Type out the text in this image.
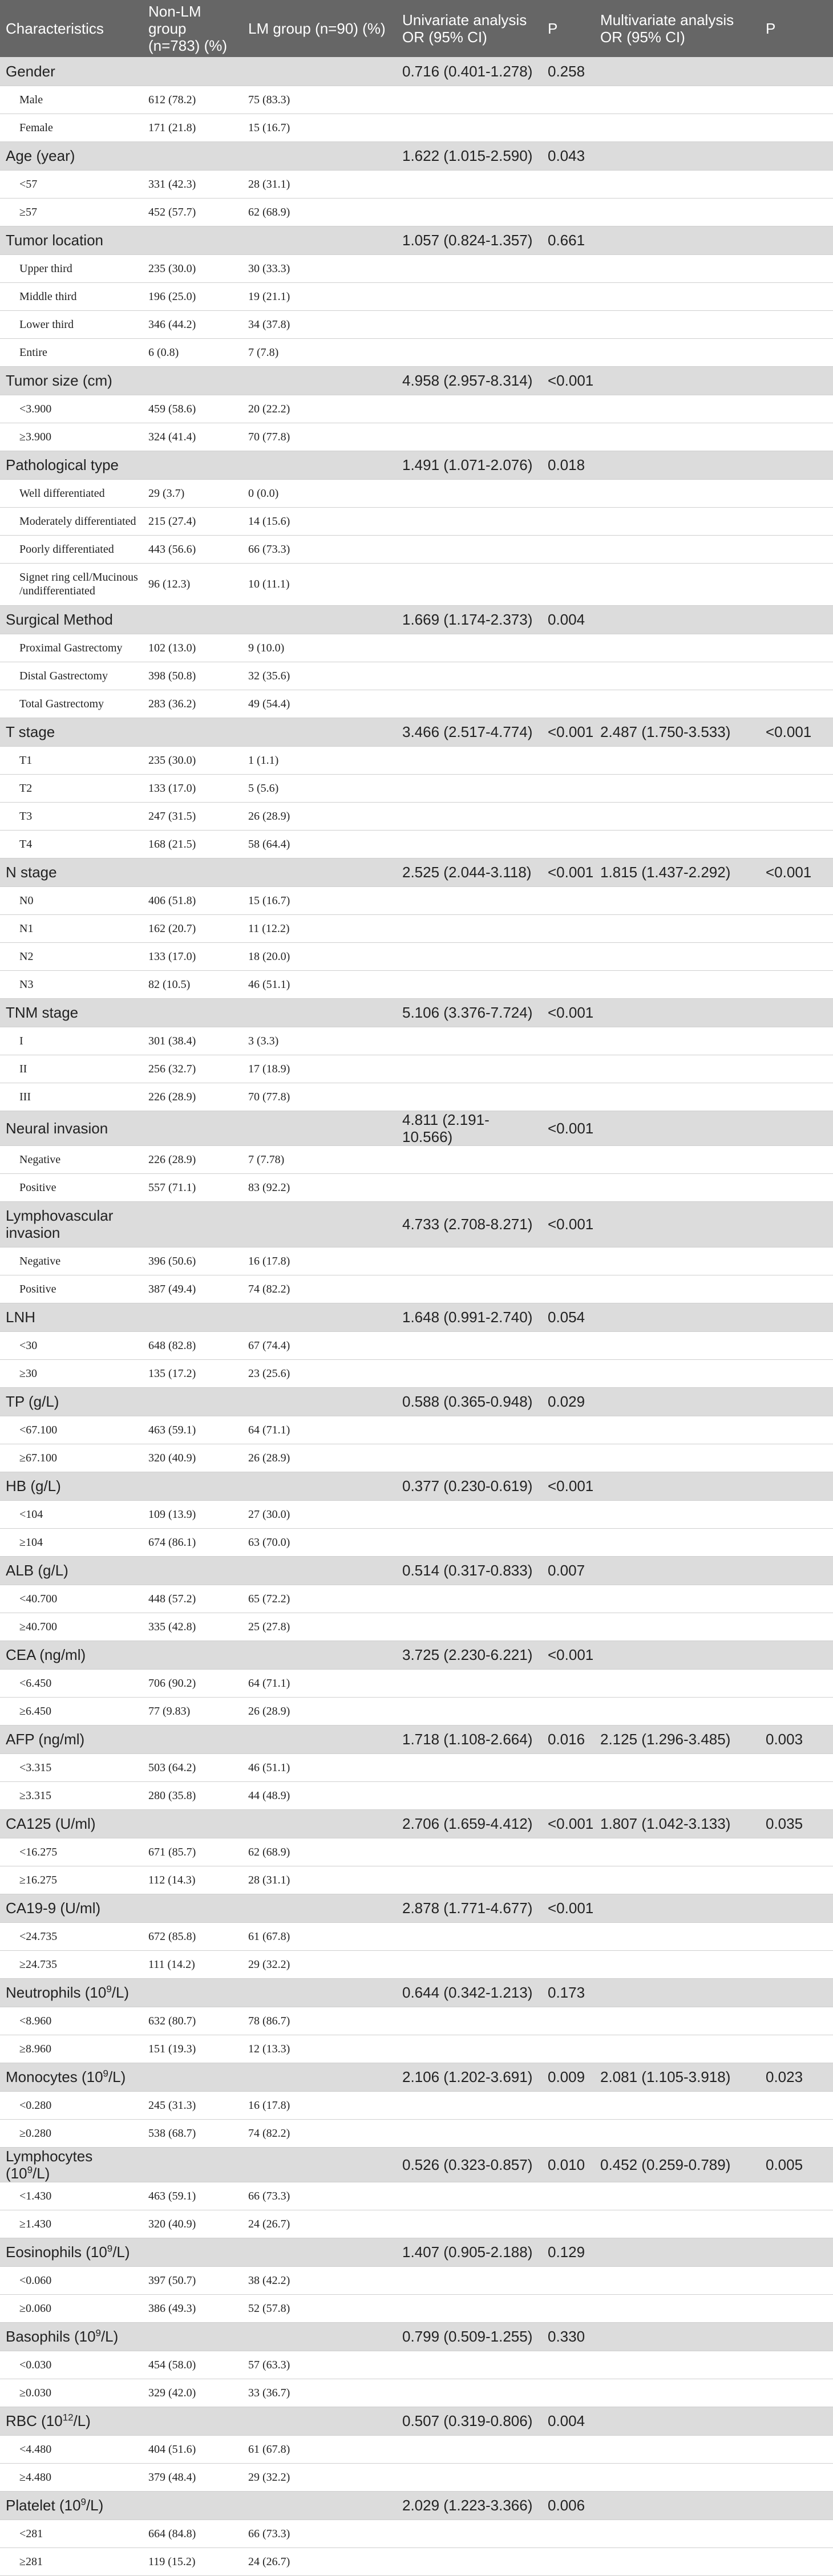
Characteristics	Non-LM group (n=783) (%)	LM group (n=90) (%)	Univariate analysis OR (95% CI)	P	Multivariate analysis OR (95% CI)	P
Gender			0.716 (0.401-1.278)	0.258		
Male	612 (78.2)	75 (83.3)				
Female	171 (21.8)	15 (16.7)				
Age (year)			1.622 (1.015-2.590)	0.043		
<57	331 (42.3)	28 (31.1)				
≥57	452 (57.7)	62 (68.9)				
Tumor location			1.057 (0.824-1.357)	0.661		
Upper third	235 (30.0)	30 (33.3)				
Middle third	196 (25.0)	19 (21.1)				
Lower third	346 (44.2)	34 (37.8)				
Entire	6 (0.8)	7 (7.8)				
Tumor size (cm)			4.958 (2.957-8.314)	<0.001		
<3.900	459 (58.6)	20 (22.2)				
≥3.900	324 (41.4)	70 (77.8)				
Pathological type			1.491 (1.071-2.076)	0.018		
Well differentiated	29 (3.7)	0 (0.0)				
Moderately differentiated	215 (27.4)	14 (15.6)				
Poorly differentiated	443 (56.6)	66 (73.3)				
Signet ring cell/Mucinous /undifferentiated	96 (12.3)	10 (11.1)				
Surgical Method			1.669 (1.174-2.373)	0.004		
Proximal Gastrectomy	102 (13.0)	9 (10.0)				
Distal Gastrectomy	398 (50.8)	32 (35.6)				
Total Gastrectomy	283 (36.2)	49 (54.4)				
T stage			3.466 (2.517-4.774)	<0.001	2.487 (1.750-3.533)	<0.001
T1	235 (30.0)	1 (1.1)				
T2	133 (17.0)	5 (5.6)				
T3	247 (31.5)	26 (28.9)				
T4	168 (21.5)	58 (64.4)				
N stage			2.525 (2.044-3.118)	<0.001	1.815 (1.437-2.292)	<0.001
N0	406 (51.8)	15 (16.7)				
N1	162 (20.7)	11 (12.2)				
N2	133 (17.0)	18 (20.0)				
N3	82 (10.5)	46 (51.1)				
TNM stage			5.106 (3.376-7.724)	<0.001		
I	301 (38.4)	3 (3.3)				
II	256 (32.7)	17 (18.9)				
III	226 (28.9)	70 (77.8)				
Neural invasion			4.811 (2.191-10.566)	<0.001		
Negative	226 (28.9)	7 (7.78)				
Positive	557 (71.1)	83 (92.2)				
Lymphovascular invasion			4.733 (2.708-8.271)	<0.001		
Negative	396 (50.6)	16 (17.8)				
Positive	387 (49.4)	74 (82.2)				
LNH			1.648 (0.991-2.740)	0.054		
<30	648 (82.8)	67 (74.4)				
≥30	135 (17.2)	23 (25.6)				
TP (g/L)			0.588 (0.365-0.948)	0.029		
<67.100	463 (59.1)	64 (71.1)				
≥67.100	320 (40.9)	26 (28.9)				
HB (g/L)			0.377 (0.230-0.619)	<0.001		
<104	109 (13.9)	27 (30.0)				
≥104	674 (86.1)	63 (70.0)				
ALB (g/L)			0.514 (0.317-0.833)	0.007		
<40.700	448 (57.2)	65 (72.2)				
≥40.700	335 (42.8)	25 (27.8)				
CEA (ng/ml)			3.725 (2.230-6.221)	<0.001		
<6.450	706 (90.2)	64 (71.1)				
≥6.450	77 (9.83)	26 (28.9)				
AFP (ng/ml)			1.718 (1.108-2.664)	0.016	2.125 (1.296-3.485)	0.003
<3.315	503 (64.2)	46 (51.1)				
≥3.315	280 (35.8)	44 (48.9)				
CA125 (U/ml)			2.706 (1.659-4.412)	<0.001	1.807 (1.042-3.133)	0.035
<16.275	671 (85.7)	62 (68.9)				
≥16.275	112 (14.3)	28 (31.1)				
CA19-9 (U/ml)			2.878 (1.771-4.677)	<0.001		
<24.735	672 (85.8)	61 (67.8)				
≥24.735	111 (14.2)	29 (32.2)				
Neutrophils $(10^9/L)$			0.644 (0.342-1.213)	0.173		
<8.960	632 (80.7)	78 (86.7)				
≥8.960	151 (19.3)	12 (13.3)				
Monocytes $(10^9/L)$			2.106 (1.202-3.691)	0.009	2.081 (1.105-3.918)	0.023
<0.280	245 (31.3)	16 (17.8)				
≥0.280	538 (68.7)	74 (82.2)				
Lymphocytes $(10^9/L)$			0.526 (0.323-0.857)	0.010	0.452 (0.259-0.789)	0.005
<1.430	463 (59.1)	66 (73.3)				
≥1.430	320 (40.9)	24 (26.7)				
Eosinophils $(10^9/L)$			1.407 (0.905-2.188)	0.129		
<0.060	397 (50.7)	38 (42.2)				
≥0.060	386 (49.3)	52 (57.8)				
Basophils $(10^9/L)$			0.799 (0.509-1.255)	0.330		
<0.030	454 (58.0)	57 (63.3)				
≥0.030	329 (42.0)	33 (36.7)				
RBC $(10^{12}/L)$			0.507 (0.319-0.806)	0.004		
<4.480	404 (51.6)	61 (67.8)				
≥4.480	379 (48.4)	29 (32.2)				
Platelet $(10^9/L)$			2.029 (1.223-3.366)	0.006		
<281	664 (84.8)	66 (73.3)				
≥281	119 (15.2)	24 (26.7)				
